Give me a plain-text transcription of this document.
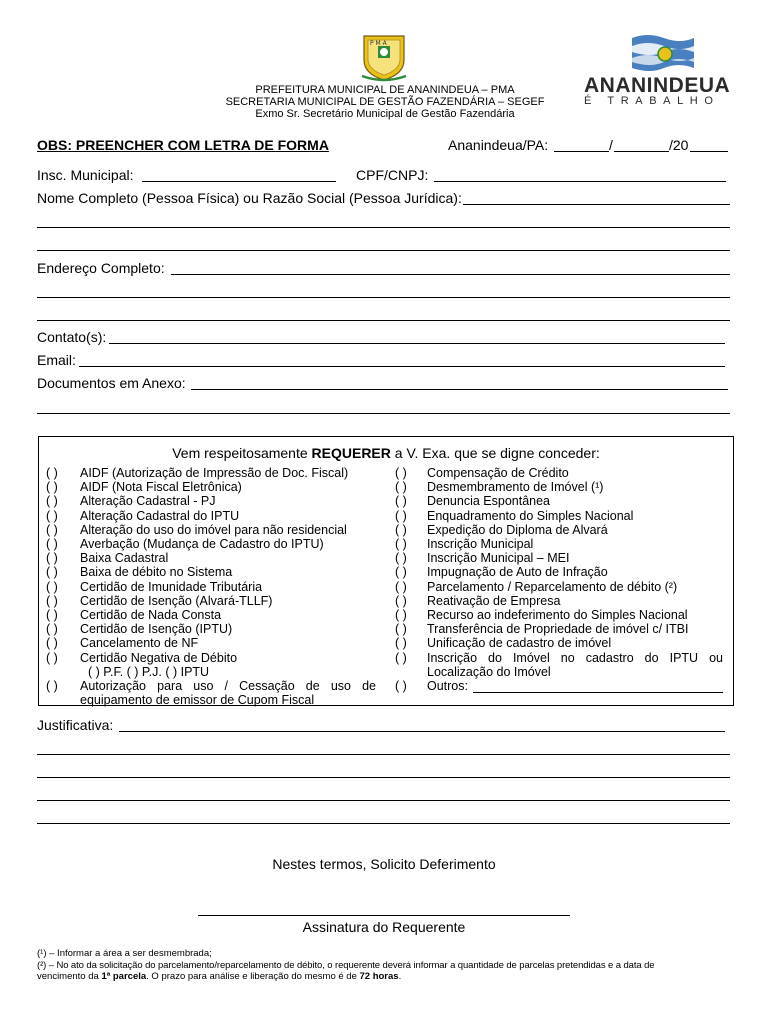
P M A
ANANINDEUA
É TRABALHO
PREFEITURA MUNICIPAL DE ANANINDEUA – PMA
SECRETARIA MUNICIPAL DE GESTÃO FAZENDÁRIA – SEGEF
Exmo Sr. Secretário Municipal de Gestão Fazendária
OBS: PREENCHER COM LETRA DE FORMA	Ananindeua/PA:	/	/20
Insc. Municipal:	CPF/CNPJ:
Nome Completo (Pessoa Física) ou Razão Social (Pessoa Jurídica):
Endereço Completo:
Contato(s):
Email:
Documentos em Anexo:
Vem respeitosamente REQUERER a V. Exa. que se digne conceder:
Justificativa:
Nestes termos, Solicito Deferimento
Assinatura do Requerente
(¹) – Informar a área a ser desmembrada;
(²) – No ato da solicitação do parcelamento/reparcelamento de débito, o requerente deverá informar a quantidade de parcelas pretendidas e a data de
vencimento da 1ª parcela. O prazo para análise e liberação do mesmo é de 72 horas.
( ) AIDF (Autorização de Impressão de Doc. Fiscal)
( ) AIDF (Nota Fiscal Eletrônica)
( ) Alteração Cadastral - PJ
( ) Alteração Cadastral do IPTU
( ) Alteração do uso do imóvel para não residencial
( ) Averbação (Mudança de Cadastro do IPTU)
( ) Baixa Cadastral
( ) Baixa de débito no Sistema
( ) Certidão de Imunidade Tributária
( ) Certidão de Isenção (Alvará-TLLF)
( ) Certidão de Nada Consta
( ) Certidão de Isenção (IPTU)
( ) Cancelamento de NF
( ) Certidão Negativa de Débito
( ) P.F. ( ) P.J. ( ) IPTU
( ) Autorização para uso / Cessação de uso de
equipamento de emissor de Cupom Fiscal
( ) Compensação de Crédito
( ) Desmembramento de Imóvel (¹)
( ) Denuncia Espontânea
( ) Enquadramento do Simples Nacional
( ) Expedição do Diploma de Alvará
( ) Inscrição Municipal
( ) Inscrição Municipal – MEI
( ) Impugnação de Auto de Infração
( ) Parcelamento / Reparcelamento de débito (²)
( ) Reativação de Empresa
( ) Recurso ao indeferimento do Simples Nacional
( ) Transferência de Propriedade de imóvel c/ ITBI
( ) Unificação de cadastro de imóvel
( ) Inscrição do Imóvel no cadastro do IPTU ou
Localização do Imóvel
( ) Outros:
